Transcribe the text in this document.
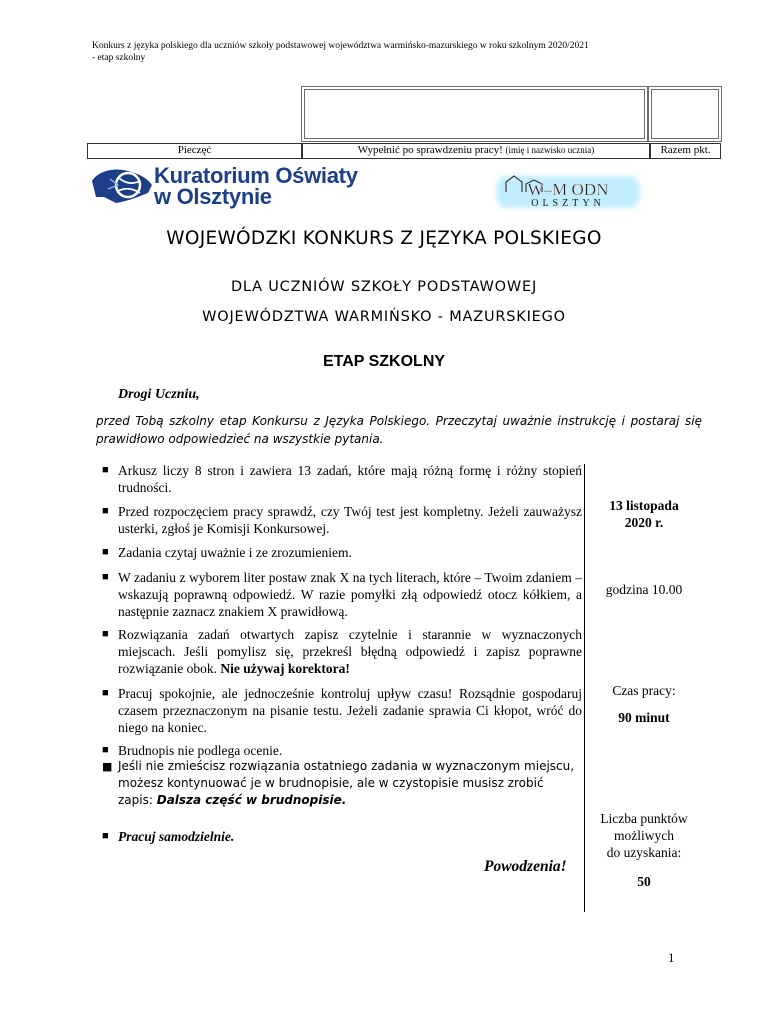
Konkurs z języka polskiego dla uczniów szkoły podstawowej województwa warmińsko-mazurskiego w roku szkolnym 2020/2021
- etap szkolny
Pieczęć	Wypełnić po sprawdzeniu pracy! (imię i nazwisko ucznia)	Razem pkt.
Kuratorium Oświaty
w Olsztynie	W–M ODN
OLSZTYN
WOJEWÓDZKI KONKURS Z JĘZYKA POLSKIEGO
DLA UCZNIÓW SZKOŁY PODSTAWOWEJ
WOJEWÓDZTWA WARMIŃSKO - MAZURSKIEGO
ETAP SZKOLNY
Drogi Uczniu,
przed Tobą szkolny etap Konkursu z Języka Polskiego. Przeczytaj uważnie instrukcję i postaraj się prawidłowo odpowiedzieć na wszystkie pytania.
■ Arkusz liczy 8 stron i zawiera 13 zadań, które mają różną formę i różny stopień trudności.
■ Przed rozpoczęciem pracy sprawdź, czy Twój test jest kompletny. Jeżeli zauważysz usterki, zgłoś je Komisji Konkursowej.
■ Zadania czytaj uważnie i ze zrozumieniem.
■ W zadaniu z wyborem liter postaw znak X na tych literach, które – Twoim zdaniem – wskazują poprawną odpowiedź. W razie pomyłki złą odpowiedź otocz kółkiem, a następnie zaznacz znakiem X prawidłową.
■ Rozwiązania zadań otwartych zapisz czytelnie i starannie w wyznaczonych miejscach. Jeśli pomylisz się, przekreśl błędną odpowiedź i zapisz poprawne rozwiązanie obok. Nie używaj korektora!
■ Pracuj spokojnie, ale jednocześnie kontroluj upływ czasu! Rozsądnie gospodaruj czasem przeznaczonym na pisanie testu. Jeżeli zadanie sprawia Ci kłopot, wróć do niego na koniec.
■ Brudnopis nie podlega ocenie.
■ Jeśli nie zmieścisz rozwiązania ostatniego zadania w wyznaczonym miejscu, możesz kontynuować je w brudnopisie, ale w czystopisie musisz zrobić zapis: Dalsza część w brudnopisie.
■ Pracuj samodzielnie.
13 listopada
2020 r.
godzina 10.00
Czas pracy:
90 minut
Liczba punktów
możliwych
do uzyskania:
50
Powodzenia!
1
